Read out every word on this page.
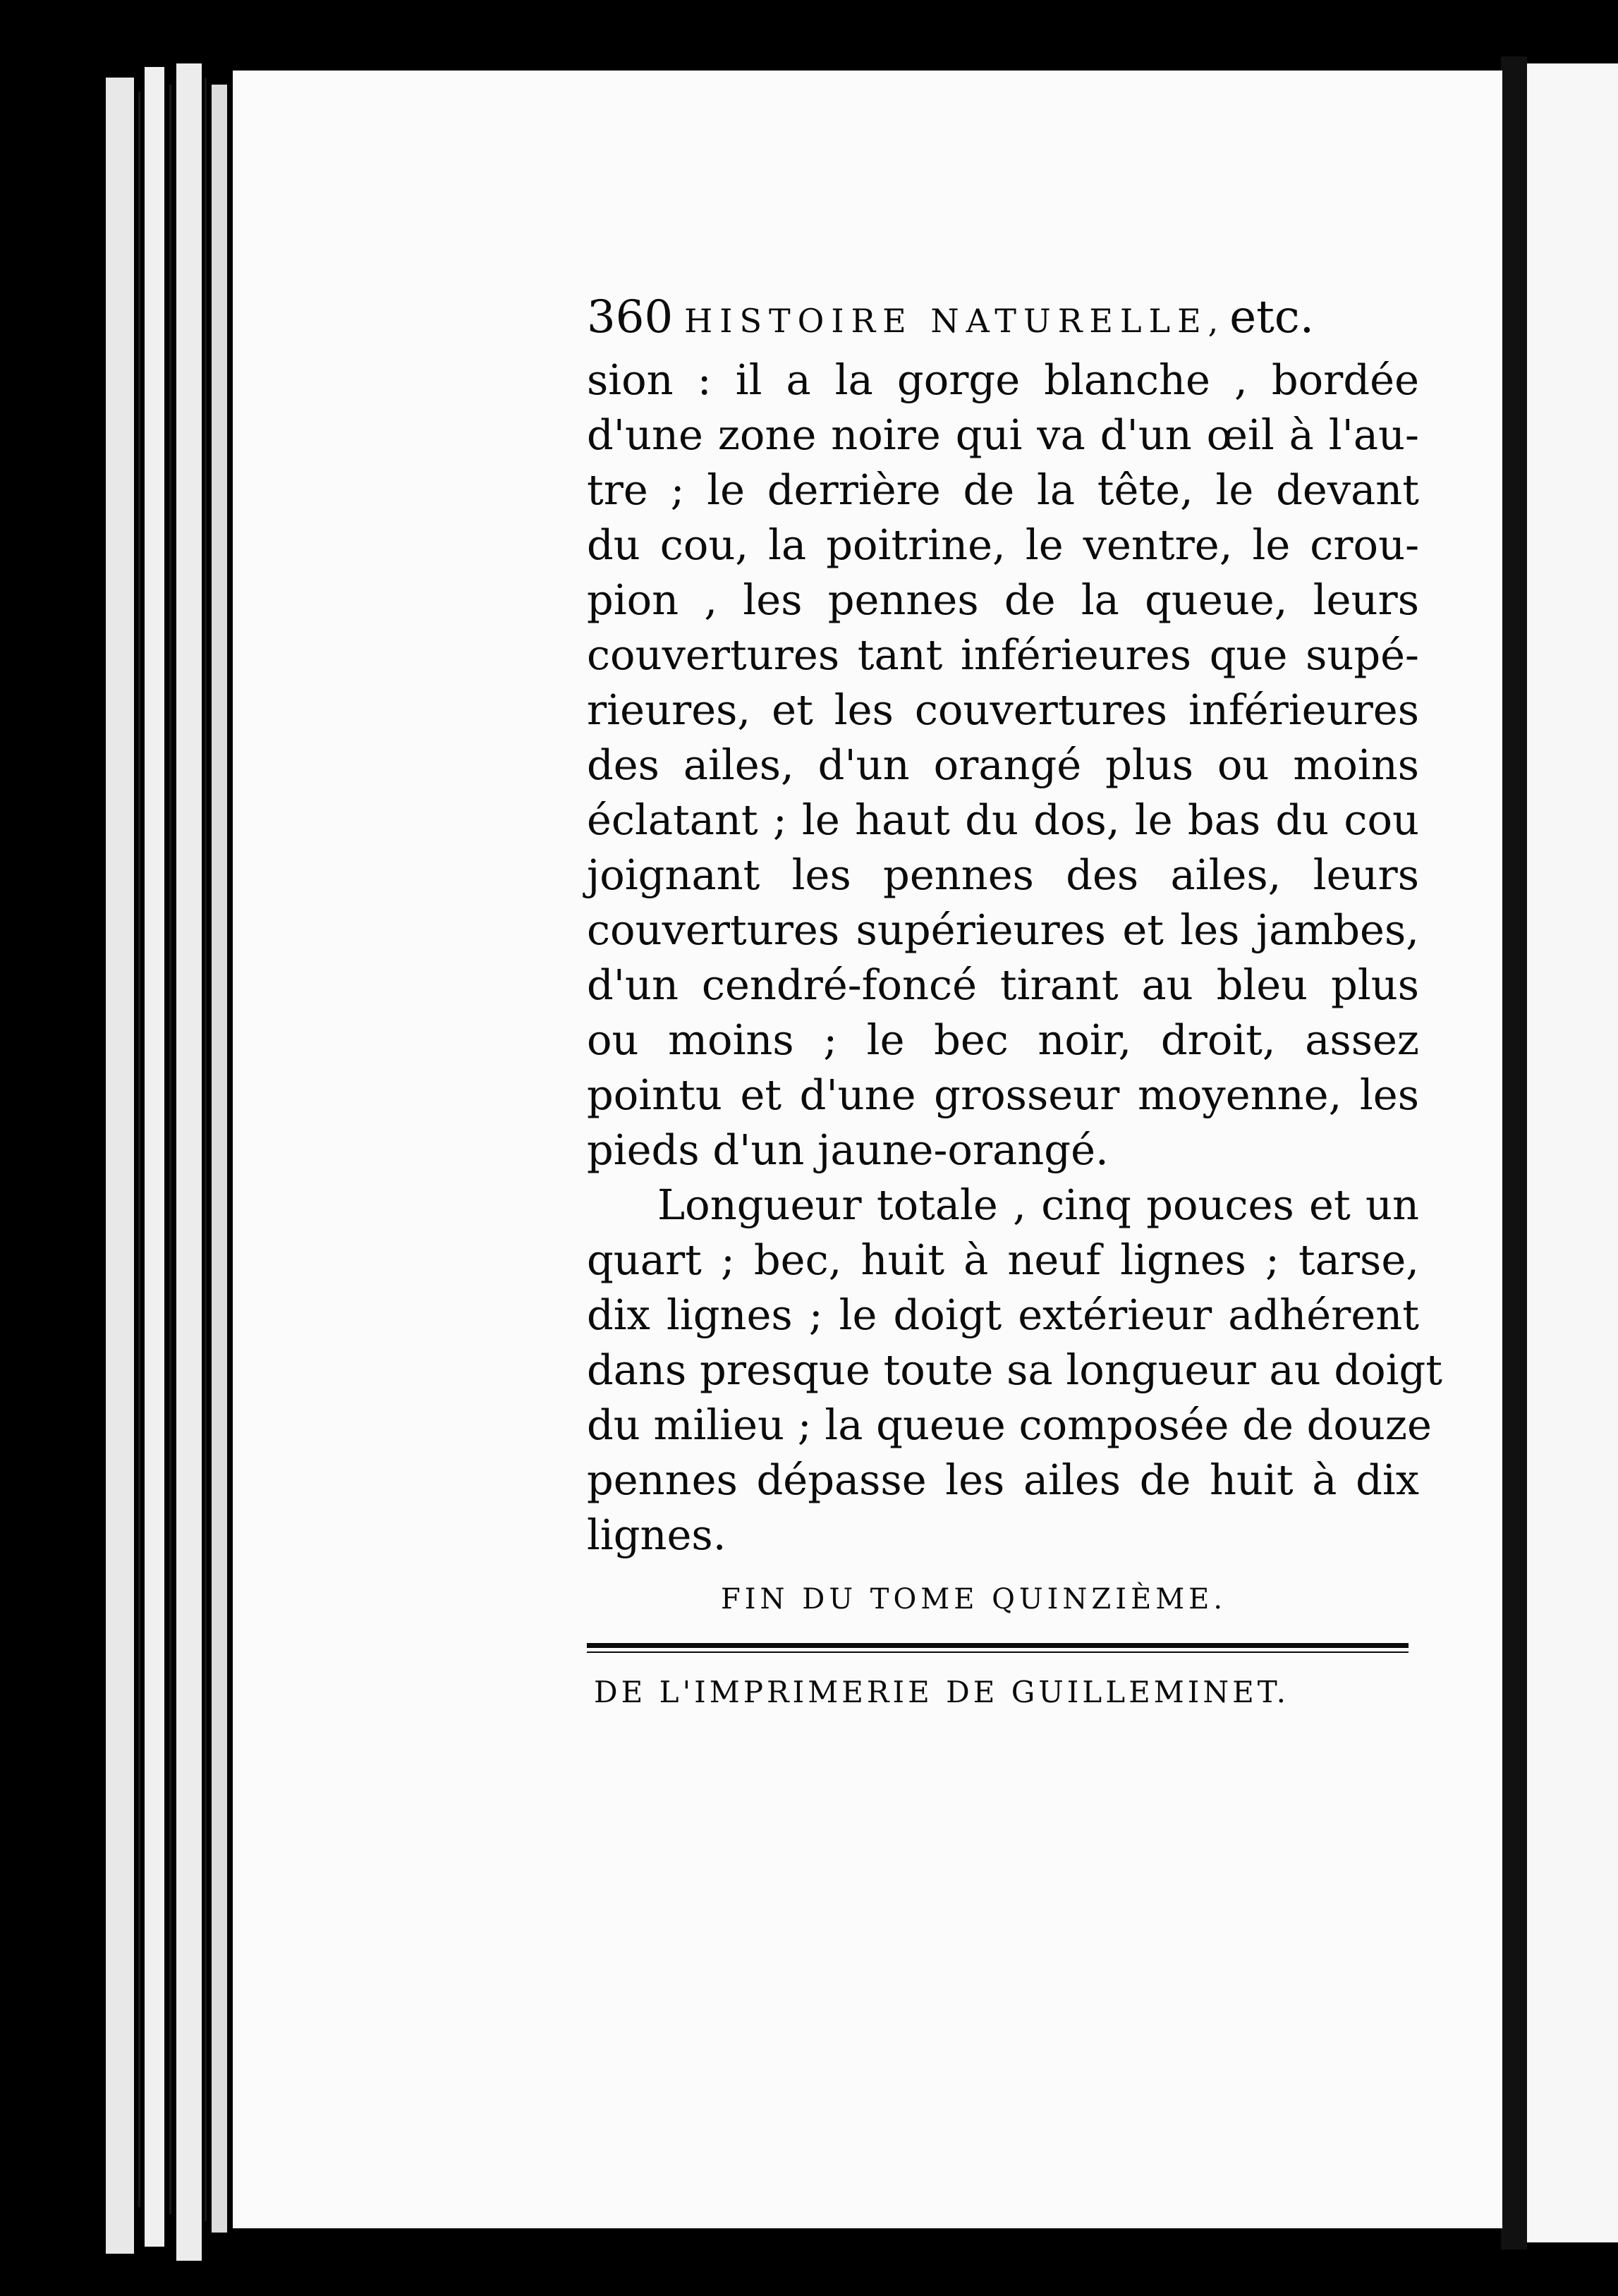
360 HISTOIRE NATURELLE,etc.
sion : il a la gorge blanche , bordée
d'une zone noire qui va d'un œil à l'au-
tre ; le derrière de la tête, le devant
du cou, la poitrine, le ventre, le crou-
pion , les pennes de la queue, leurs
couvertures tant inférieures que supé-
rieures, et les couvertures inférieures
des ailes, d'un orangé plus ou moins
éclatant ; le haut du dos, le bas du cou
joignant les pennes des ailes, leurs
couvertures supérieures et les jambes,
d'un cendré-foncé tirant au bleu plus
ou moins ; le bec noir, droit, assez
pointu et d'une grosseur moyenne, les
pieds d'un jaune-orangé.
Longueur totale , cinq pouces et un
quart ; bec, huit à neuf lignes ; tarse,
dix lignes ; le doigt extérieur adhérent
dans presque toute sa longueur au doigt
du milieu ; la queue composée de douze
pennes dépasse les ailes de huit à dix
lignes.
FIN DU TOME QUINZIÈME.
DE L'IMPRIMERIE DE GUILLEMINET.
